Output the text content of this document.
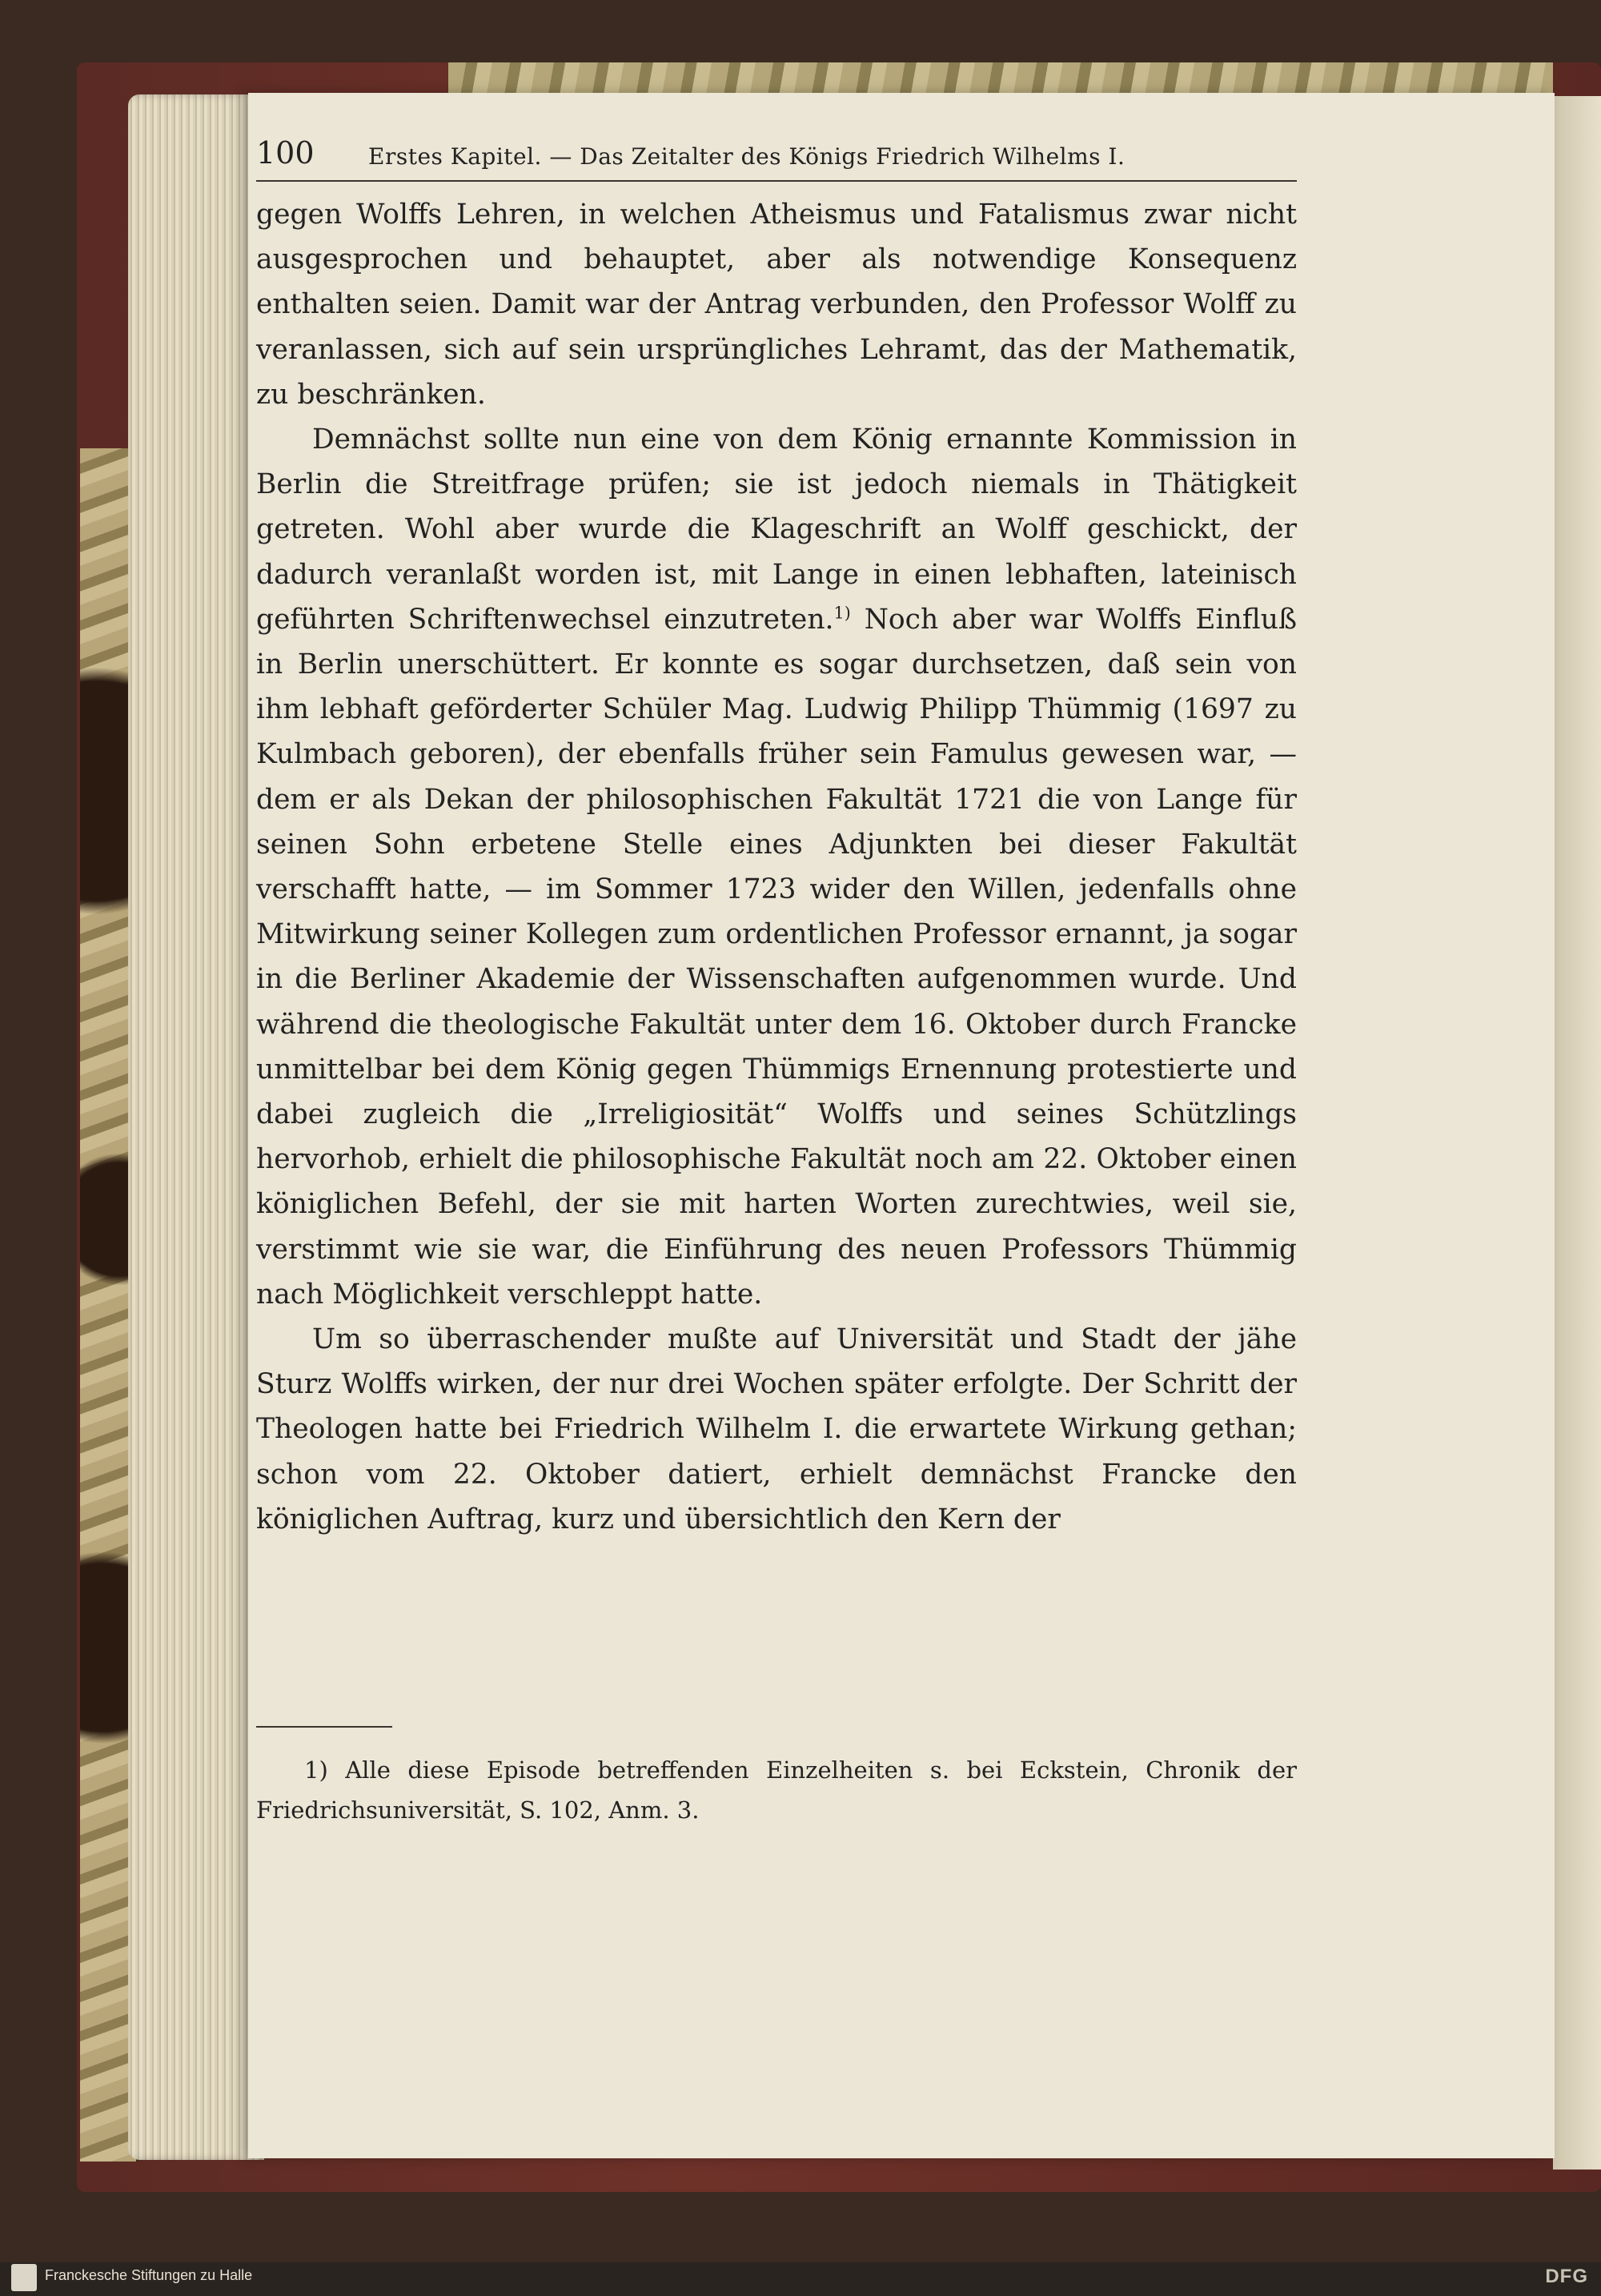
100 Erstes Kapitel. — Das Zeitalter des Königs Friedrich Wilhelms I.

gegen Wolffs Lehren, in welchen Atheismus und Fatalismus zwar nicht ausgesprochen und behauptet, aber als notwendige Konsequenz enthalten seien. Damit war der Antrag verbunden, den Professor Wolff zu veranlassen, sich auf sein ursprüngliches Lehramt, das der Mathematik, zu beschränken.

Demnächst sollte nun eine von dem König ernannte Kommission in Berlin die Streitfrage prüfen; sie ist jedoch niemals in Thätigkeit getreten. Wohl aber wurde die Klageschrift an Wolff geschickt, der dadurch veranlaßt worden ist, mit Lange in einen lebhaften, lateinisch geführten Schriftenwechsel einzutreten.$^{1)}$ Noch aber war Wolffs Einfluß in Berlin unerschüttert. Er konnte es sogar durchsetzen, daß sein von ihm lebhaft geförderter Schüler Mag. Ludwig Philipp Thümmig (1697 zu Kulmbach geboren), der ebenfalls früher sein Famulus gewesen war, — dem er als Dekan der philosophischen Fakultät 1721 die von Lange für seinen Sohn erbetene Stelle eines Adjunkten bei dieser Fakultät verschafft hatte, — im Sommer 1723 wider den Willen, jedenfalls ohne Mitwirkung seiner Kollegen zum ordentlichen Professor ernannt, ja sogar in die Berliner Akademie der Wissenschaften aufgenommen wurde. Und während die theologische Fakultät unter dem 16. Oktober durch Francke unmittelbar bei dem König gegen Thümmigs Ernennung protestierte und dabei zugleich die „Irreligiosität“ Wolffs und seines Schützlings hervorhob, erhielt die philosophische Fakultät noch am 22. Oktober einen königlichen Befehl, der sie mit harten Worten zurechtwies, weil sie, verstimmt wie sie war, die Einführung des neuen Professors Thümmig nach Möglichkeit verschleppt hatte.

Um so überraschender mußte auf Universität und Stadt der jähe Sturz Wolffs wirken, der nur drei Wochen später erfolgte. Der Schritt der Theologen hatte bei Friedrich Wilhelm I. die erwartete Wirkung gethan; schon vom 22. Oktober datiert, erhielt demnächst Francke den königlichen Auftrag, kurz und übersichtlich den Kern der

1) Alle diese Episode betreffenden Einzelheiten s. bei Eckstein, Chronik der Friedrichsuniversität, S. 102, Anm. 3.

Franckesche Stiftungen zu Halle	DFG
